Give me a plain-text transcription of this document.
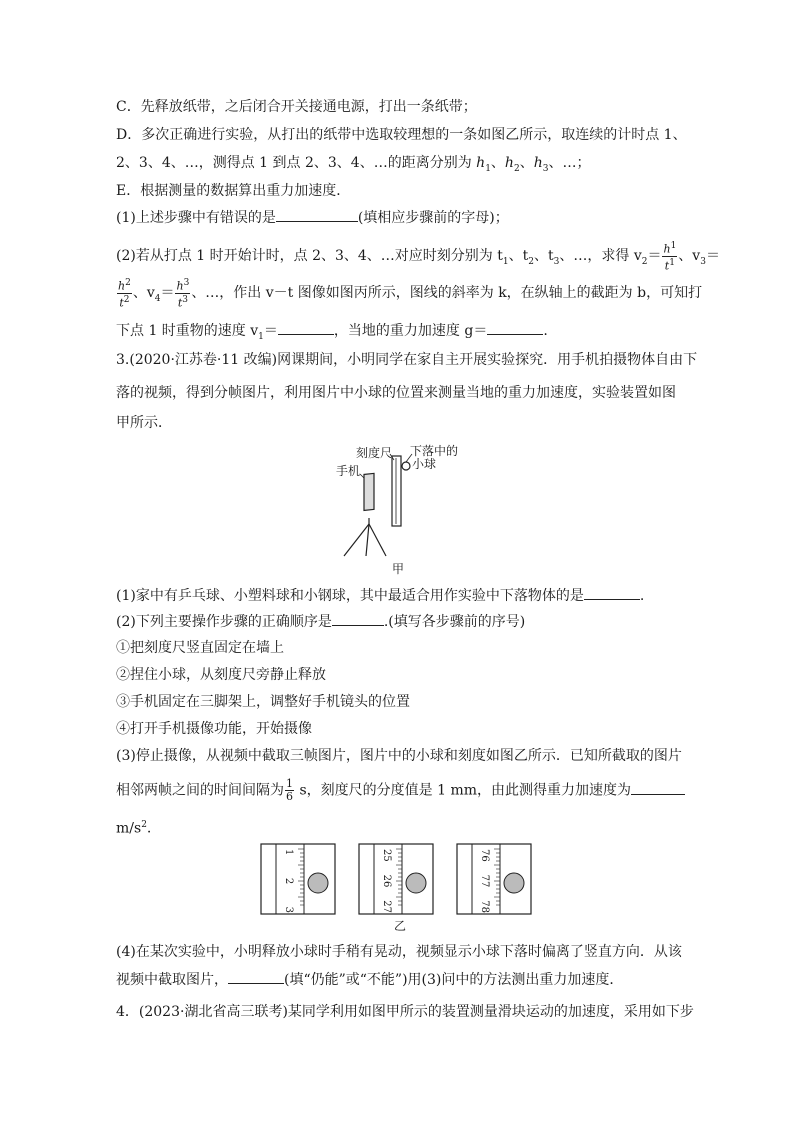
C．先释放纸带，之后闭合开关接通电源，打出一条纸带；
D．多次正确进行实验，从打出的纸带中选取较理想的一条如图乙所示，取连续的计时点 1、
2、3、4、…，测得点 1 到点 2、3、4、…的距离分别为 $h_1$、$h_2$、$h_3$、…；
E．根据测量的数据算出重力加速度．
(1)上述步骤中有错误的是	(填相应步骤前的字母)；
(2)若从打点 1 时开始计时，点 2、3、4、…对应时刻分别为 $t_1$、$t_2$、$t_3$、…，求得 $v_2= \frac{h^1}{t^1}$ 、$v_3=$
$\frac{h^2}{t^2}$ 、$v_4= \frac{h^3}{t^3}$ 、…，作出 v－t 图像如图丙所示，图线的斜率为 k，在纵轴上的截距为 b，可知打
下点 1 时重物的速度 $v_1=$	，当地的重力加速度 g＝	.
3.(2020·江苏卷·11 改编)网课期间，小明同学在家自主开展实验探究．用手机拍摄物体自由下
落的视频，得到分帧图片，利用图片中小球的位置来测量当地的重力加速度，实验装置如图
甲所示．
刻度尺 下落中的
小球
手机
甲
(1)家中有乒乓球、小塑料球和小钢球，其中最适合用作实验中下落物体的是	.
(2)下列主要操作步骤的正确顺序是	.(填写各步骤前的序号)
①把刻度尺竖直固定在墙上
②捏住小球，从刻度尺旁静止释放
③手机固定在三脚架上，调整好手机镜头的位置
④打开手机摄像功能，开始摄像
(3)停止摄像，从视频中截取三帧图片，图片中的小球和刻度如图乙所示．已知所截取的图片
相邻两帧之间的时间间隔为 $\frac{1}{6}$ s，刻度尺的分度值是 1 mm，由此测得重力加速度为
$m/s^2$.
1
2
3
25
26
27
76
77
78
乙
(4)在某次实验中，小明释放小球时手稍有晃动，视频显示小球下落时偏离了竖直方向．从该
视频中截取图片，	(填“仍能”或“不能”)用(3)问中的方法测出重力加速度．
4．(2023·湖北省高三联考)某同学利用如图甲所示的装置测量滑块运动的加速度，采用如下步
